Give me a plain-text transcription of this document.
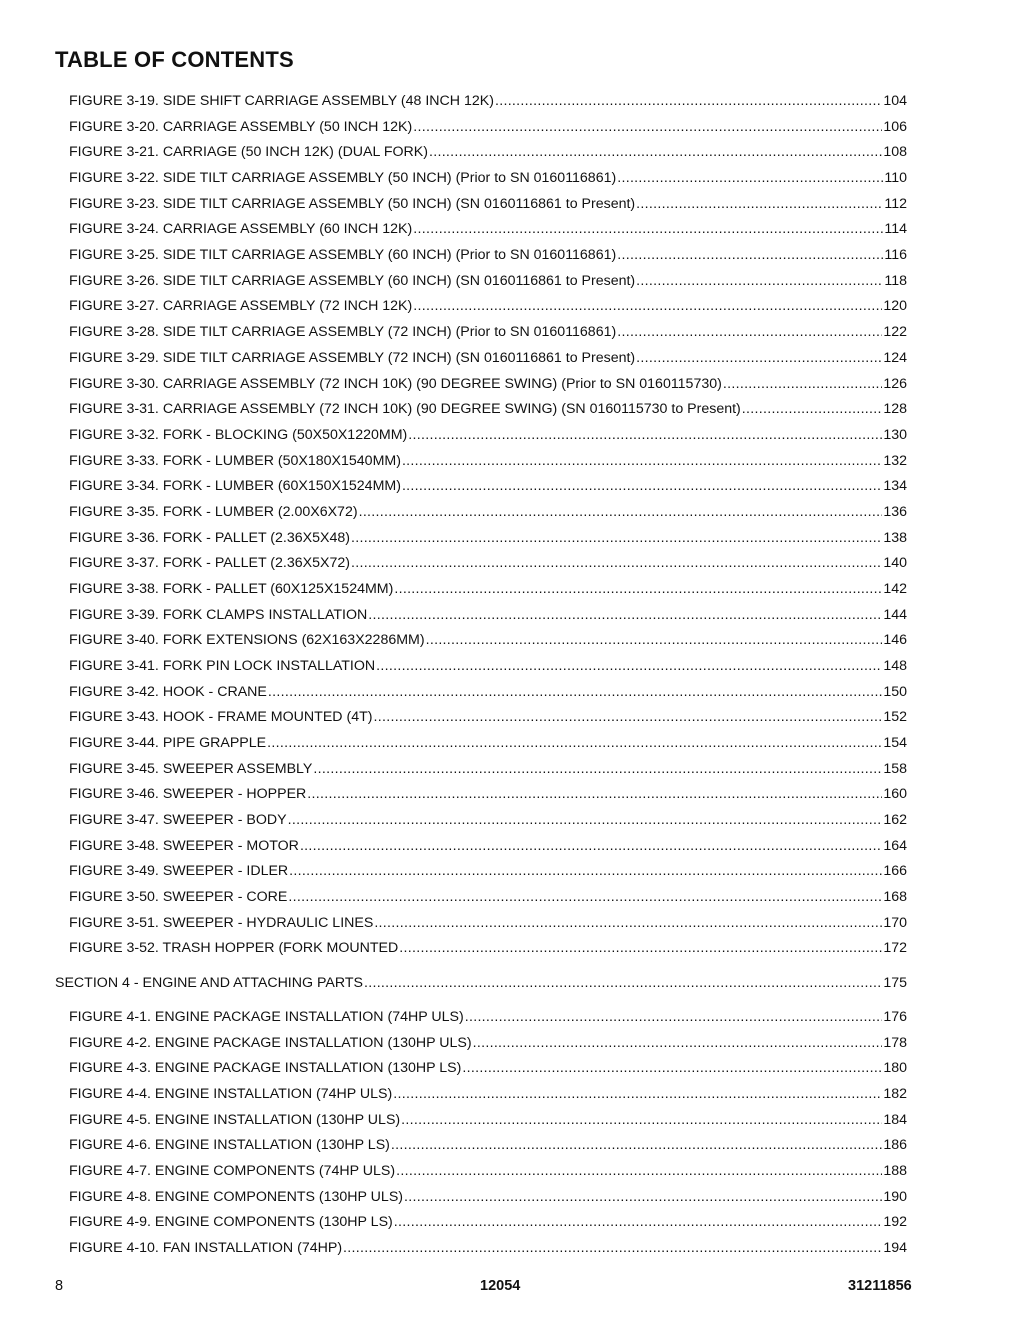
TABLE OF CONTENTS
FIGURE 3-19. SIDE SHIFT CARRIAGE ASSEMBLY (48 INCH 12K) .....	104
FIGURE 3-20. CARRIAGE ASSEMBLY (50 INCH 12K) .....	106
FIGURE 3-21. CARRIAGE (50 INCH 12K) (DUAL FORK) .....	108
FIGURE 3-22. SIDE TILT CARRIAGE ASSEMBLY (50 INCH) (Prior to SN 0160116861) .....	110
FIGURE 3-23. SIDE TILT CARRIAGE ASSEMBLY (50 INCH) (SN 0160116861 to Present) .....	112
FIGURE 3-24. CARRIAGE ASSEMBLY (60 INCH 12K) .....	114
FIGURE 3-25. SIDE TILT CARRIAGE ASSEMBLY (60 INCH) (Prior to SN 0160116861) .....	116
FIGURE 3-26. SIDE TILT CARRIAGE ASSEMBLY (60 INCH) (SN 0160116861 to Present) .....	118
FIGURE 3-27. CARRIAGE ASSEMBLY (72 INCH 12K) .....	120
FIGURE 3-28. SIDE TILT CARRIAGE ASSEMBLY (72 INCH) (Prior to SN 0160116861) .....	122
FIGURE 3-29. SIDE TILT CARRIAGE ASSEMBLY (72 INCH) (SN 0160116861 to Present) .....	124
FIGURE 3-30. CARRIAGE ASSEMBLY (72 INCH 10K) (90 DEGREE SWING) (Prior to SN 0160115730) .....	126
FIGURE 3-31. CARRIAGE ASSEMBLY (72 INCH 10K) (90 DEGREE SWING) (SN 0160115730 to Present) .....	128
FIGURE 3-32. FORK - BLOCKING (50X50X1220MM) .....	130
FIGURE 3-33. FORK - LUMBER (50X180X1540MM) .....	132
FIGURE 3-34. FORK - LUMBER (60X150X1524MM) .....	134
FIGURE 3-35. FORK - LUMBER (2.00X6X72) .....	136
FIGURE 3-36. FORK - PALLET (2.36X5X48) .....	138
FIGURE 3-37. FORK - PALLET (2.36X5X72) .....	140
FIGURE 3-38. FORK - PALLET (60X125X1524MM) .....	142
FIGURE 3-39. FORK CLAMPS INSTALLATION .....	144
FIGURE 3-40. FORK EXTENSIONS (62X163X2286MM) .....	146
FIGURE 3-41. FORK PIN LOCK INSTALLATION .....	148
FIGURE 3-42. HOOK - CRANE .....	150
FIGURE 3-43. HOOK - FRAME MOUNTED (4T) .....	152
FIGURE 3-44. PIPE GRAPPLE .....	154
FIGURE 3-45. SWEEPER ASSEMBLY .....	158
FIGURE 3-46. SWEEPER - HOPPER .....	160
FIGURE 3-47. SWEEPER - BODY .....	162
FIGURE 3-48. SWEEPER - MOTOR .....	164
FIGURE 3-49. SWEEPER - IDLER .....	166
FIGURE 3-50. SWEEPER - CORE .....	168
FIGURE 3-51. SWEEPER - HYDRAULIC LINES .....	170
FIGURE 3-52. TRASH HOPPER (FORK MOUNTED .....	172
SECTION 4 - ENGINE AND ATTACHING PARTS .....	175
FIGURE 4-1. ENGINE PACKAGE INSTALLATION (74HP ULS) .....	176
FIGURE 4-2. ENGINE PACKAGE INSTALLATION (130HP ULS) .....	178
FIGURE 4-3. ENGINE PACKAGE INSTALLATION (130HP LS) .....	180
FIGURE 4-4. ENGINE INSTALLATION (74HP ULS) .....	182
FIGURE 4-5. ENGINE INSTALLATION (130HP ULS) .....	184
FIGURE 4-6. ENGINE INSTALLATION (130HP LS) .....	186
FIGURE 4-7. ENGINE COMPONENTS (74HP ULS) .....	188
FIGURE 4-8. ENGINE COMPONENTS (130HP ULS) .....	190
FIGURE 4-9. ENGINE COMPONENTS (130HP LS) .....	192
FIGURE 4-10. FAN INSTALLATION (74HP) .....	194
8	12054	31211856
